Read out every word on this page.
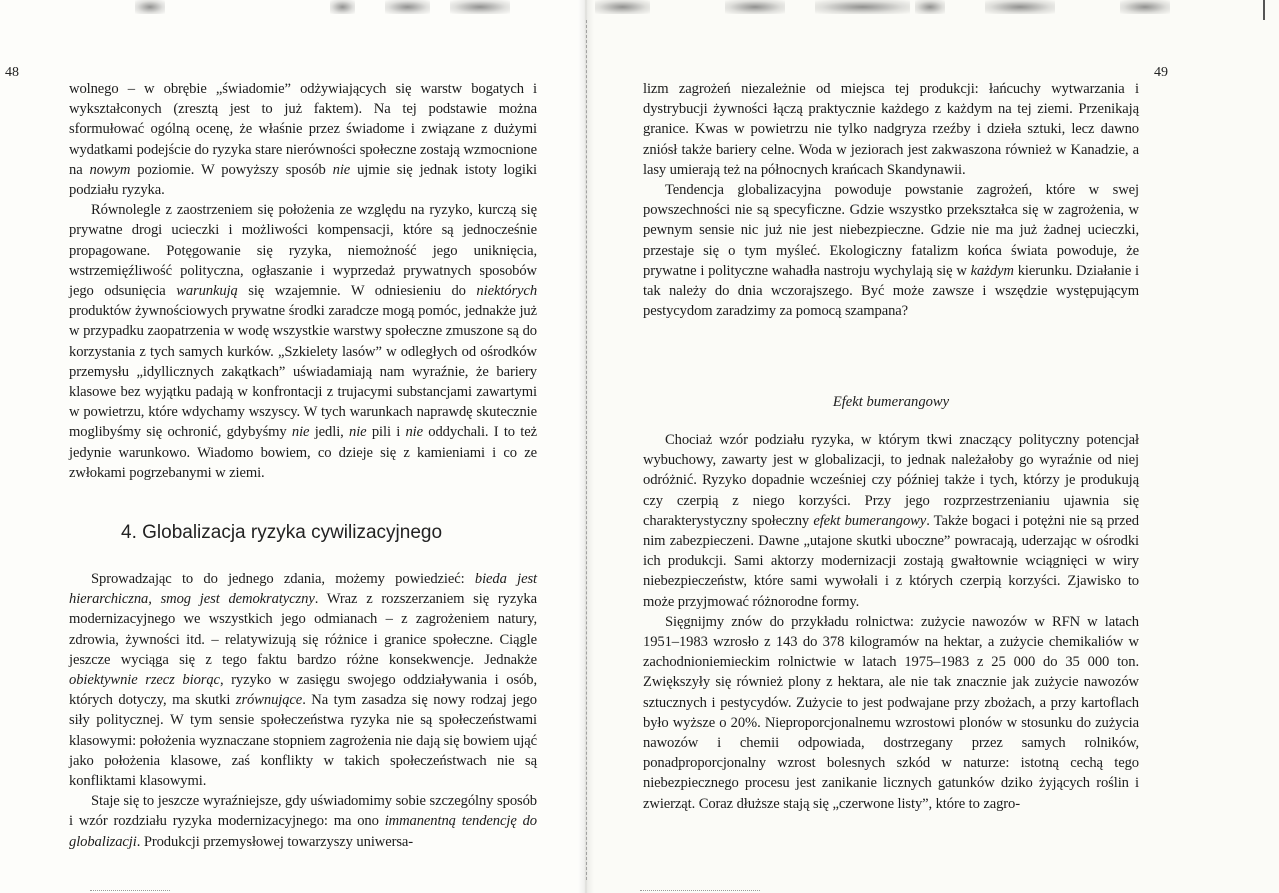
48	49

wolnego – w obrębie „świadomie” odżywiających się warstw bogatych i wykształconych (zresztą jest to już faktem). Na tej podstawie można sformułować ogólną ocenę, że właśnie przez świadome i związane z dużymi wydatkami podejście do ryzyka stare nierówności społeczne zostają wzmocnione na nowym poziomie. W powyższy sposób nie ujmie się jednak istoty logiki podziału ryzyka.

Równolegle z zaostrzeniem się położenia ze względu na ryzyko, kurczą się prywatne drogi ucieczki i możliwości kompensacji, które są jednocześnie propagowane. Potęgowanie się ryzyka, niemożność jego uniknięcia, wstrzemięźliwość polityczna, ogłaszanie i wyprzedaż prywatnych sposobów jego odsunięcia warunkują się wzajemnie. W odniesieniu do niektórych produktów żywnościowych prywatne środki zaradcze mogą pomóc, jednakże już w przypadku zaopatrzenia w wodę wszystkie warstwy społeczne zmuszone są do korzystania z tych samych kurków. „Szkielety lasów” w odległych od ośrodków przemysłu „idyllicznych zakątkach” uświadamiają nam wyraźnie, że bariery klasowe bez wyjątku padają w konfrontacji z trujacymi substancjami zawartymi w powietrzu, które wdychamy wszyscy. W tych warunkach naprawdę skutecznie moglibyśmy się ochronić, gdybyśmy nie jedli, nie pili i nie oddychali. I to też jedynie warunkowo. Wiadomo bowiem, co dzieje się z kamieniami i co ze zwłokami pogrzebanymi w ziemi.

4. Globalizacja ryzyka cywilizacyjnego

Sprowadzając to do jednego zdania, możemy powiedzieć: bieda jest hierarchiczna, smog jest demokratyczny. Wraz z rozszerzaniem się ryzyka modernizacyjnego we wszystkich jego odmianach – z zagrożeniem natury, zdrowia, żywności itd. – relatywizują się różnice i granice społeczne. Ciągle jeszcze wyciąga się z tego faktu bardzo różne konsekwencje. Jednakże obiektywnie rzecz biorąc, ryzyko w zasięgu swojego oddziaływania i osób, których dotyczy, ma skutki zrównujące. Na tym zasadza się nowy rodzaj jego siły politycznej. W tym sensie społeczeństwa ryzyka nie są społeczeństwami klasowymi: położenia wyznaczane stopniem zagrożenia nie dają się bowiem ująć jako położenia klasowe, zaś konflikty w takich społeczeństwach nie są konfliktami klasowymi.

Staje się to jeszcze wyraźniejsze, gdy uświadomimy sobie szczególny sposób i wzór rozdziału ryzyka modernizacyjnego: ma ono immanentną tendencję do globalizacji. Produkcji przemysłowej towarzyszy uniwersa-

lizm zagrożeń niezależnie od miejsca tej produkcji: łańcuchy wytwarzania i dystrybucji żywności łączą praktycznie każdego z każdym na tej ziemi. Przenikają granice. Kwas w powietrzu nie tylko nadgryza rzeźby i dzieła sztuki, lecz dawno zniósł także bariery celne. Woda w jeziorach jest zakwaszona również w Kanadzie, a lasy umierają też na północnych krańcach Skandynawii.

Tendencja globalizacyjna powoduje powstanie zagrożeń, które w swej powszechności nie są specyficzne. Gdzie wszystko przekształca się w zagrożenia, w pewnym sensie nic już nie jest niebezpieczne. Gdzie nie ma już żadnej ucieczki, przestaje się o tym myśleć. Ekologiczny fatalizm końca świata powoduje, że prywatne i polityczne wahadła nastroju wychylają się w każdym kierunku. Działanie i tak należy do dnia wczorajszego. Być może zawsze i wszędzie występującym pestycydom zaradzimy za pomocą szampana?

Efekt bumerangowy

Chociaż wzór podziału ryzyka, w którym tkwi znaczący polityczny potencjał wybuchowy, zawarty jest w globalizacji, to jednak należałoby go wyraźnie od niej odróżnić. Ryzyko dopadnie wcześniej czy później także i tych, którzy je produkują czy czerpią z niego korzyści. Przy jego rozprzestrzenianiu ujawnia się charakterystyczny społeczny efekt bumerangowy. Także bogaci i potężni nie są przed nim zabezpieczeni. Dawne „utajone skutki uboczne” powracają, uderzając w ośrodki ich produkcji. Sami aktorzy modernizacji zostają gwałtownie wciągnięci w wiry niebezpieczeństw, które sami wywołali i z których czerpią korzyści. Zjawisko to może przyjmować różnorodne formy.

Sięgnijmy znów do przykładu rolnictwa: zużycie nawozów w RFN w latach 1951–1983 wzrosło z 143 do 378 kilogramów na hektar, a zużycie chemikaliów w zachodnioniemieckim rolnictwie w latach 1975–1983 z 25 000 do 35 000 ton. Zwiększyły się również plony z hektara, ale nie tak znacznie jak zużycie nawozów sztucznych i pestycydów. Zużycie to jest podwajane przy zbożach, a przy kartoflach było wyższe o 20%. Nieproporcjonalnemu wzrostowi plonów w stosunku do zużycia nawozów i chemii odpowiada, dostrzegany przez samych rolników, ponadproporcjonalny wzrost bolesnych szkód w naturze: istotną cechą tego niebezpiecznego procesu jest zanikanie licznych gatunków dziko żyjących roślin i zwierząt. Coraz dłuższe stają się „czerwone listy”, które to zagro-
